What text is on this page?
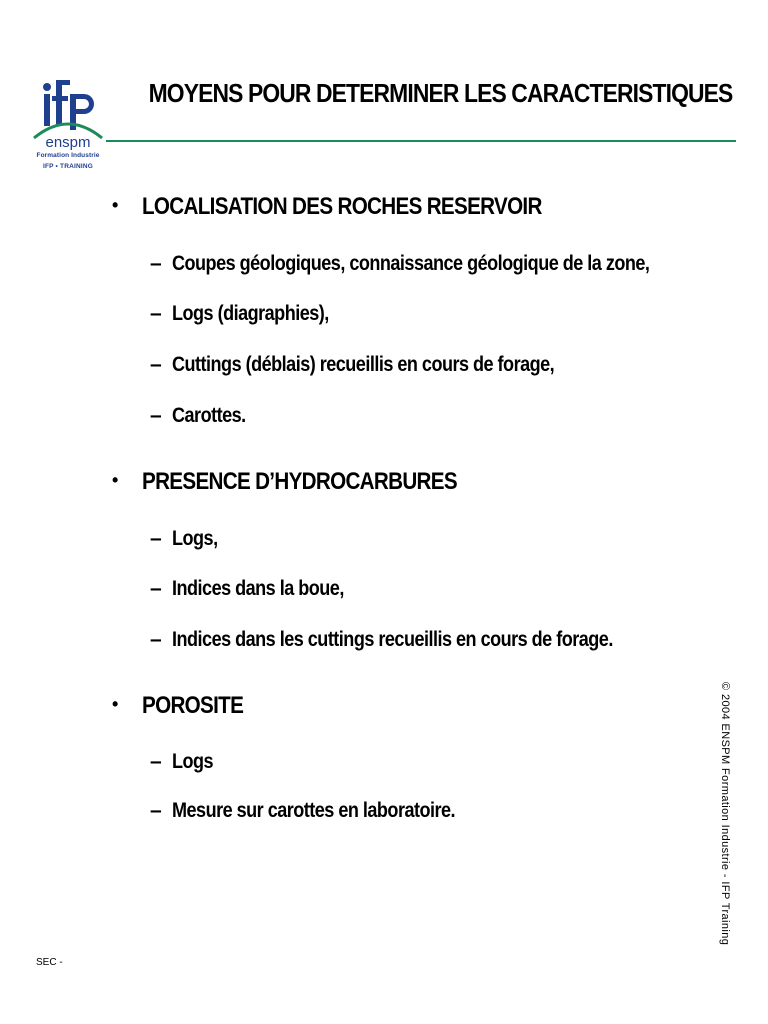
enspm
Formation Industrie
IFP • TRAINING
MOYENS POUR DETERMINER LES CARACTERISTIQUES
• LOCALISATION DES ROCHES RESERVOIR
– Coupes géologiques, connaissance géologique de la zone,
– Logs (diagraphies),
– Cuttings (déblais) recueillis en cours de forage,
– Carottes.
• PRESENCE D’HYDROCARBURES
– Logs,
– Indices dans la boue,
– Indices dans les cuttings recueillis en cours de forage.
• POROSITE
– Logs
– Mesure sur carottes en laboratoire.
SEC -
© 2004 ENSPM Formation Industrie - IFP Training
